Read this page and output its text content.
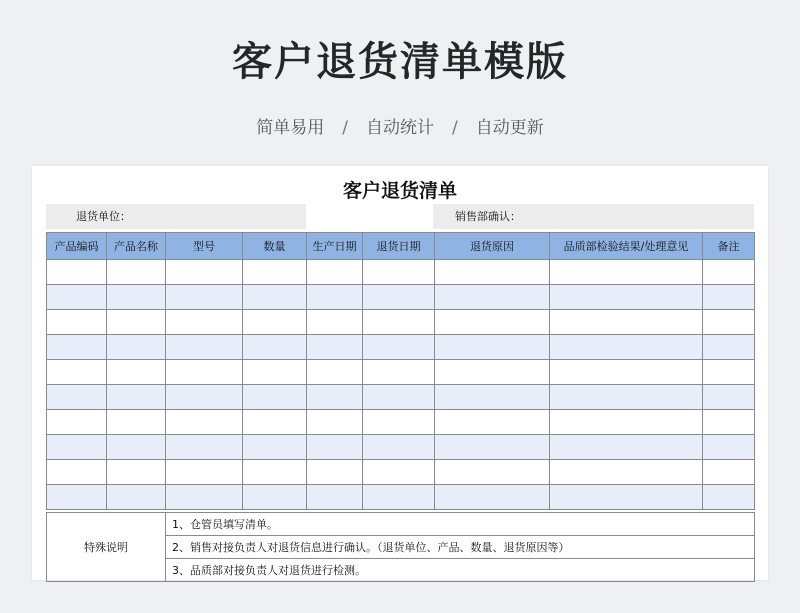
客户退货清单模版
简单易用 / 自动统计 / 自动更新
客户退货清单
退货单位：	销售部确认：
产品编码	产品名称	型号	数量	生产日期	退货日期	退货原因	品质部检验结果/处理意见	备注

特殊说明	1、仓管员填写清单。
2、销售对接负责人对退货信息进行确认。（退货单位、产品、数量、退货原因等）
3、品质部对接负责人对退货进行检测。
